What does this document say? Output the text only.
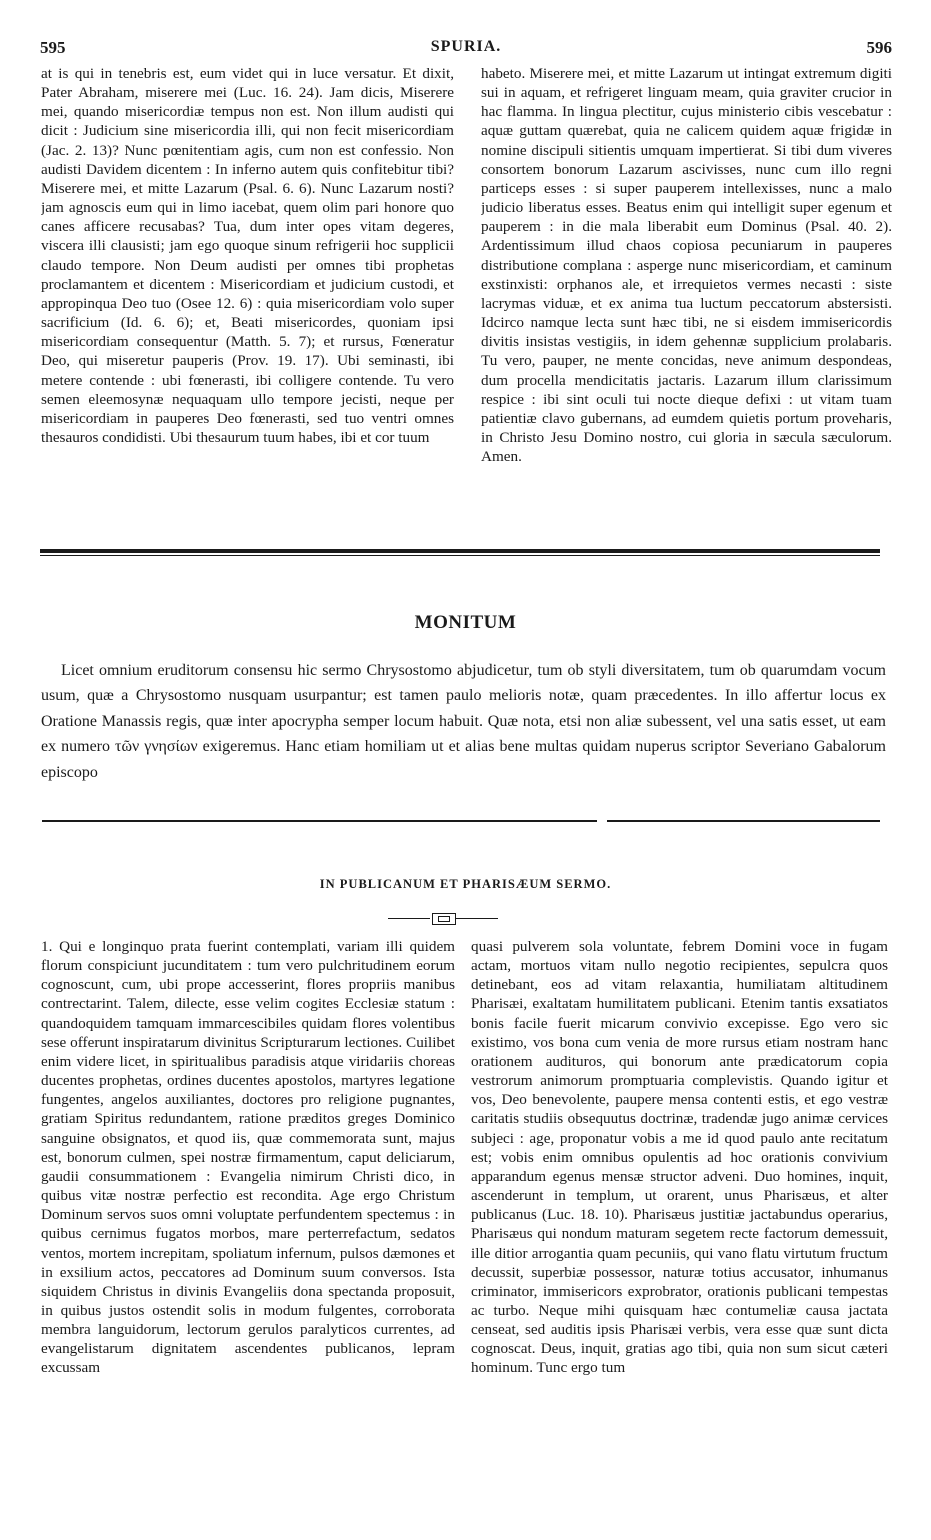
595	SPURIA.	596

at is qui in tenebris est, eum videt qui in luce versatur. Et dixit, Pater Abraham, miserere mei (Luc. 16. 24). Jam dicis, Miserere mei, quando misericordiæ tempus non est. Non illum audisti qui dicit : Judicium sine misericordia illi, qui non fecit misericordiam (Jac. 2. 13)? Nunc pœnitentiam agis, cum non est confessio. Non audisti Davidem dicentem : In inferno autem quis confitebitur tibi? Miserere mei, et mitte Lazarum (Psal. 6. 6). Nunc Lazarum nosti? jam agnoscis eum qui in limo iacebat, quem olim pari honore quo canes afficere recusabas? Tua, dum inter opes vitam degeres, viscera illi clausisti; jam ego quoque sinum refrigerii hoc supplicii claudo tempore. Non Deum audisti per omnes tibi prophetas proclamantem et dicentem : Misericordiam et judicium custodi, et appropinqua Deo tuo (Osee 12. 6) : quia misericordiam volo super sacrificium (Id. 6. 6); et, Beati misericordes, quoniam ipsi misericordiam consequentur (Matth. 5. 7); et rursus, Fœneratur Deo, qui miseretur pauperis (Prov. 19. 17). Ubi seminasti, ibi metere contende : ubi fœnerasti, ibi colligere contende. Tu vero semen eleemosynæ nequaquam ullo tempore jecisti, neque per misericordiam in pauperes Deo fœnerasti, sed tuo ventri omnes thesauros condidisti. Ubi thesaurum tuum habes, ibi et cor tuum

habeto. Miserere mei, et mitte Lazarum ut intingat extremum digiti sui in aquam, et refrigeret linguam meam, quia graviter crucior in hac flamma. In lingua plectitur, cujus ministerio cibis vescebatur : aquæ guttam quærebat, quia ne calicem quidem aquæ frigidæ in nomine discipuli sitientis umquam impertierat. Si tibi dum viveres consortem bonorum Lazarum ascivisses, nunc cum illo regni particeps esses : si super pauperem intellexisses, nunc a malo judicio liberatus esses. Beatus enim qui intelligit super egenum et pauperem : in die mala liberabit eum Dominus (Psal. 40. 2). Ardentissimum illud chaos copiosa pecuniarum in pauperes distributione complana : asperge nunc misericordiam, et caminum exstinxisti: orphanos ale, et irrequietos vermes necasti : siste lacrymas viduæ, et ex anima tua luctum peccatorum abstersisti. Idcirco namque lecta sunt hæc tibi, ne si eisdem immisericordis divitis insistas vestigiis, in idem gehennæ supplicium prolabaris. Tu vero, pauper, ne mente concidas, neve animum despondeas, dum procella mendicitatis jactaris. Lazarum illum clarissimum respice : ibi sint oculi tui nocte dieque defixi : ut vitam tuam patientiæ clavo gubernans, ad eumdem quietis portum proveharis, in Christo Jesu Domino nostro, cui gloria in sæcula sæculorum. Amen.

MONITUM

Licet omnium eruditorum consensu hic sermo Chrysostomo abjudicetur, tum ob styli diversitatem, tum ob quarumdam vocum usum, quæ a Chrysostomo nusquam usurpantur; est tamen paulo melioris notæ, quam præcedentes. In illo affertur locus ex Oratione Manassis regis, quæ inter apocrypha semper locum habuit. Quæ nota, etsi non aliæ subessent, vel una satis esset, ut eam ex numero τῶν γνησίων exigeremus. Hanc etiam homiliam ut et alias bene multas quidam nuperus scriptor Severiano Gabalorum episcopo

IN PUBLICANUM ET PHARISÆUM SERMO.

1. Qui e longinquo prata fuerint contemplati, variam illi quidem florum conspiciunt jucunditatem : tum vero pulchritudinem eorum cognoscunt, cum, ubi prope accesserint, flores propriis manibus contrectarint. Talem, dilecte, esse velim cogites Ecclesiæ statum : quandoquidem tamquam immarcescibiles quidam flores volentibus sese offerunt inspiratarum divinitus Scripturarum lectiones. Cuilibet enim videre licet, in spiritualibus paradisis atque viridariis choreas ducentes prophetas, ordines ducentes apostolos, martyres legatione fungentes, angelos auxiliantes, doctores pro religione pugnantes, gratiam Spiritus redundantem, ratione præditos greges Dominico sanguine obsignatos, et quod iis, quæ commemorata sunt, majus est, bonorum culmen, spei nostræ firmamentum, caput deliciarum, gaudii consummationem : Evangelia nimirum Christi dico, in quibus vitæ nostræ perfectio est recondita. Age ergo Christum Dominum servos suos omni voluptate perfundentem spectemus : in quibus cernimus fugatos morbos, mare perterrefactum, sedatos ventos, mortem increpitam, spoliatum infernum, pulsos dæmones et in exsilium actos, peccatores ad Dominum suum conversos. Ista siquidem Christus in divinis Evangeliis dona spectanda proposuit, in quibus justos ostendit solis in modum fulgentes, corroborata membra languidorum, lectorum gerulos paralyticos currentes, ad evangelistarum dignitatem ascendentes publicanos, lepram excussam

quasi pulverem sola voluntate, febrem Domini voce in fugam actam, mortuos vitam nullo negotio recipientes, sepulcra quos detinebant, eos ad vitam relaxantia, humiliatam altitudinem Pharisæi, exaltatam humilitatem publicani. Etenim tantis exsatiatos bonis facile fuerit micarum convivio excepisse. Ego vero sic existimo, vos bona cum venia de more rursus etiam nostram hanc orationem audituros, qui bonorum ante prædicatorum copia vestrorum animorum promptuaria complevistis. Quando igitur et vos, Deo benevolente, paupere mensa contenti estis, et ego vestræ caritatis studiis obsequutus doctrinæ, tradendæ jugo animæ cervices subjeci : age, proponatur vobis a me id quod paulo ante recitatum est; vobis enim omnibus opulentis ad hoc orationis convivium apparandum egenus mensæ structor adveni. Duo homines, inquit, ascenderunt in templum, ut orarent, unus Pharisæus, et alter publicanus (Luc. 18. 10). Pharisæus justitiæ jactabundus operarius, Pharisæus qui nondum maturam segetem recte factorum demessuit, ille ditior arrogantia quam pecuniis, qui vano flatu virtutum fructum decussit, superbiæ possessor, naturæ totius accusator, inhumanus criminator, immisericors exprobrator, orationis publicani tempestas ac turbo. Neque mihi quisquam hæc contumeliæ causa jactata censeat, sed auditis ipsis Pharisæi verbis, vera esse quæ sunt dicta cognoscat. Deus, inquit, gratias ago tibi, quia non sum sicut cæteri hominum. Tunc ergo tum
